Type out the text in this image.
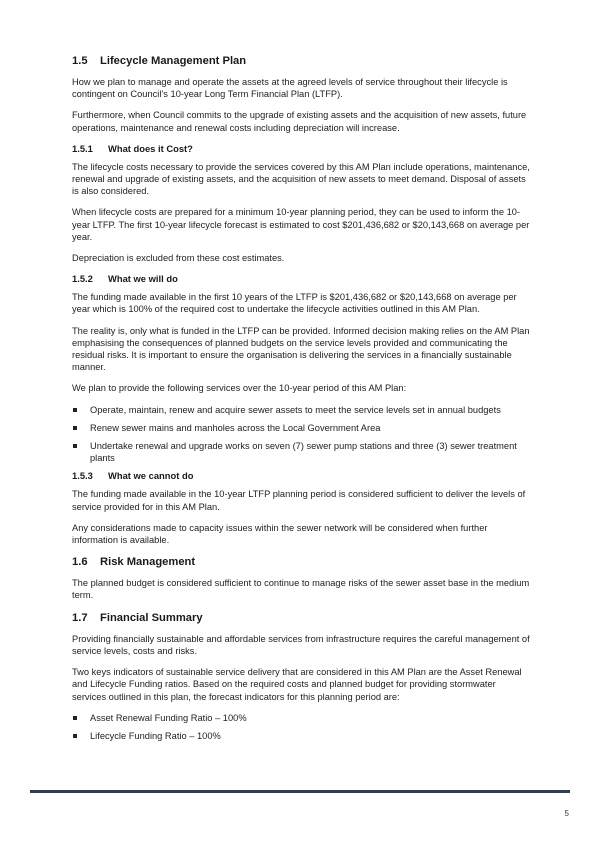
1.5 Lifecycle Management Plan

How we plan to manage and operate the assets at the agreed levels of service throughout their lifecycle is contingent on Council’s 10-year Long Term Financial Plan (LTFP).

Furthermore, when Council commits to the upgrade of existing assets and the acquisition of new assets, future operations, maintenance and renewal costs including depreciation will increase.

1.5.1 What does it Cost?

The lifecycle costs necessary to provide the services covered by this AM Plan include operations, maintenance, renewal and upgrade of existing assets, and the acquisition of new assets to meet demand. Disposal of assets is also considered.

When lifecycle costs are prepared for a minimum 10-year planning period, they can be used to inform the 10-year LTFP. The first 10-year lifecycle forecast is estimated to cost $201,436,682 or $20,143,668 on average per year.

Depreciation is excluded from these cost estimates.

1.5.2 What we will do

The funding made available in the first 10 years of the LTFP is $201,436,682 or $20,143,668 on average per year which is 100% of the required cost to undertake the lifecycle activities outlined in this AM Plan.

The reality is, only what is funded in the LTFP can be provided. Informed decision making relies on the AM Plan emphasising the consequences of planned budgets on the service levels provided and communicating the residual risks. It is important to ensure the organisation is delivering the services in a financially sustainable manner.

We plan to provide the following services over the 10-year period of this AM Plan:

Operate, maintain, renew and acquire sewer assets to meet the service levels set in annual budgets
Renew sewer mains and manholes across the Local Government Area
Undertake renewal and upgrade works on seven (7) sewer pump stations and three (3) sewer treatment plants
1.5.3 What we cannot do

The funding made available in the 10-year LTFP planning period is considered sufficient to deliver the levels of service provided for in this AM Plan.

Any considerations made to capacity issues within the sewer network will be considered when further information is available.

1.6 Risk Management

The planned budget is considered sufficient to continue to manage risks of the sewer asset base in the medium term.

1.7 Financial Summary

Providing financially sustainable and affordable services from infrastructure requires the careful management of service levels, costs and risks.

Two keys indicators of sustainable service delivery that are considered in this AM Plan are the Asset Renewal and Lifecycle Funding ratios. Based on the required costs and planned budget for providing stormwater services outlined in this plan, the forecast indicators for this planning period are:

Asset Renewal Funding Ratio – 100%
Lifecycle Funding Ratio – 100%
5
